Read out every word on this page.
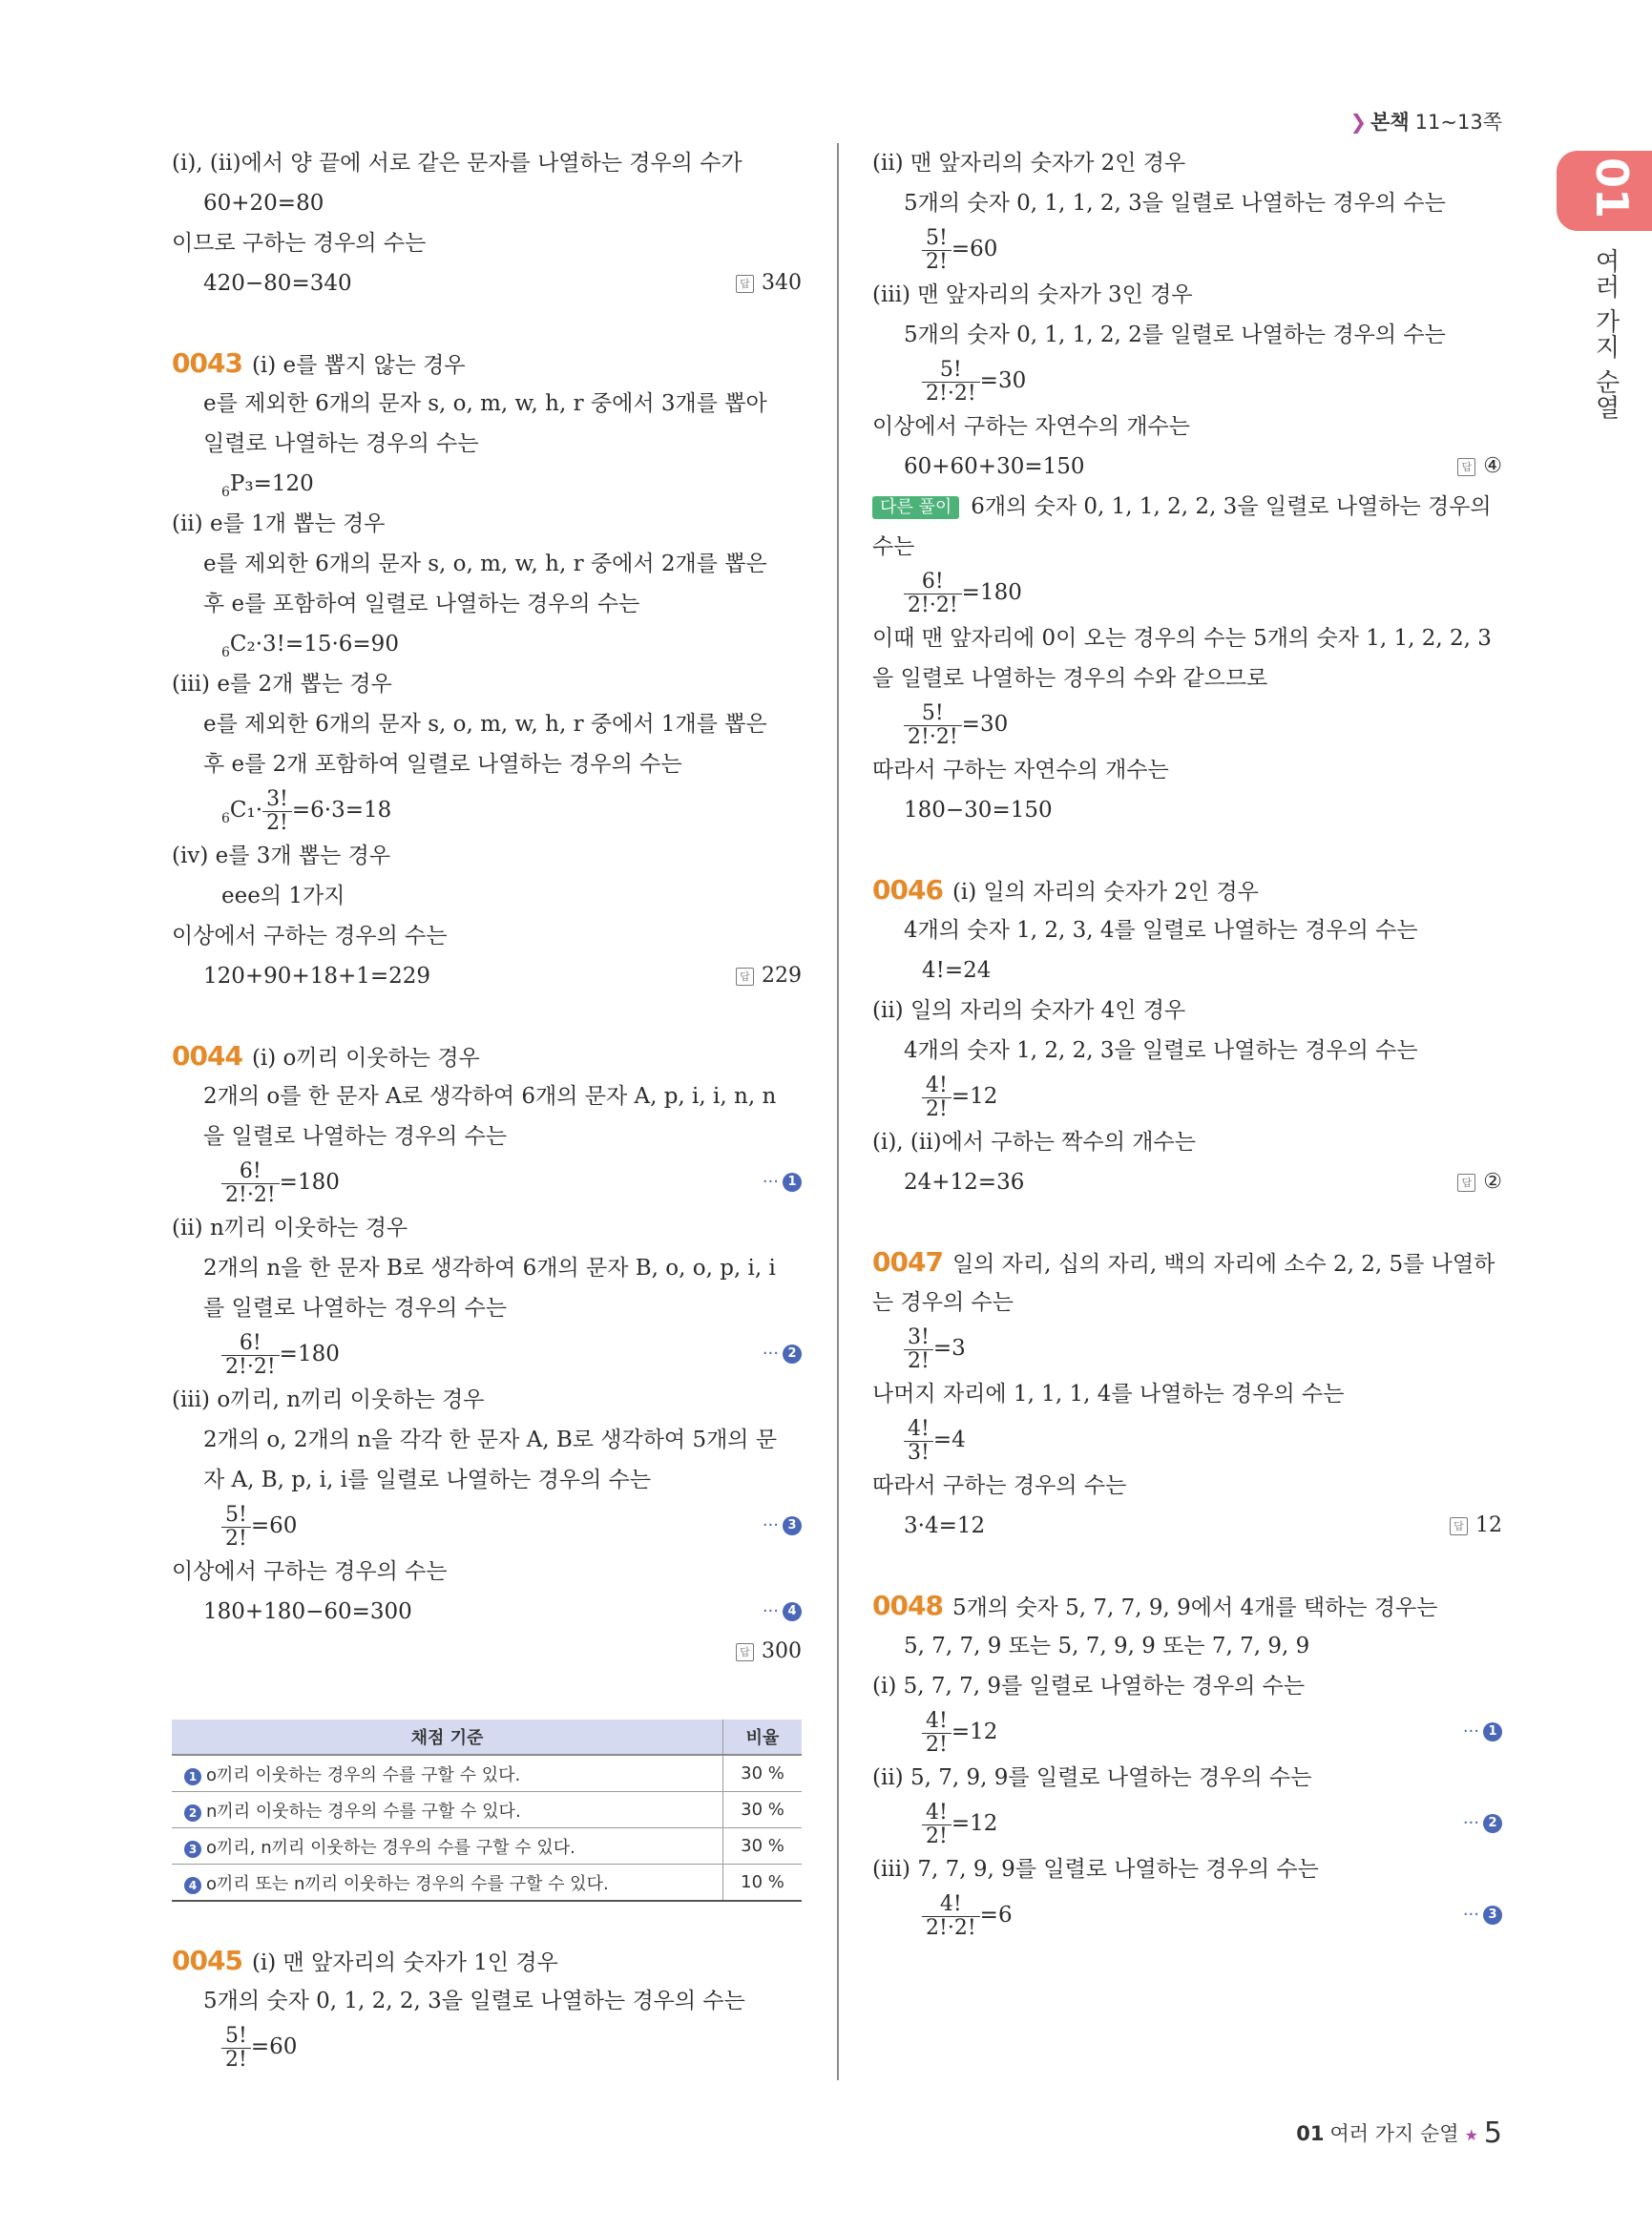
❯ 본책 11~13쪽
01
여러 가지 순열
(ⅰ), (ⅱ)에서 양 끝에 서로 같은 문자를 나열하는 경우의 수가
60+20=80
이므로 구하는 경우의 수는
420−80=340	답 340
0043 (ⅰ) e를 뽑지 않는 경우
e를 제외한 6개의 문자 s, o, m, w, h, r 중에서 3개를 뽑아
일렬로 나열하는 경우의 수는
$_6$P₃=120
(ⅱ) e를 1개 뽑는 경우
e를 제외한 6개의 문자 s, o, m, w, h, r 중에서 2개를 뽑은
후 e를 포함하여 일렬로 나열하는 경우의 수는
$_6$C₂·3!=15·6=90
(ⅲ) e를 2개 뽑는 경우
e를 제외한 6개의 문자 s, o, m, w, h, r 중에서 1개를 뽑은
후 e를 2개 포함하여 일렬로 나열하는 경우의 수는
$_6C_1\cdot \frac{3!}{2!} =6\cdot 3=18$
(ⅳ) e를 3개 뽑는 경우
eee의 1가지
이상에서 구하는 경우의 수는
120+90+18+1=229	답 229
0044 (ⅰ) o끼리 이웃하는 경우
2개의 o를 한 문자 A로 생각하여 6개의 문자 A, p, i, i, n, n
을 일렬로 나열하는 경우의 수는
$\frac{6!}{2!\cdot 2!} =180$	··· 1
(ⅱ) n끼리 이웃하는 경우
2개의 n을 한 문자 B로 생각하여 6개의 문자 B, o, o, p, i, i
를 일렬로 나열하는 경우의 수는
$\frac{6!}{2!\cdot 2!} =180$	··· 2
(ⅲ) o끼리, n끼리 이웃하는 경우
2개의 o, 2개의 n을 각각 한 문자 A, B로 생각하여 5개의 문
자 A, B, p, i, i를 일렬로 나열하는 경우의 수는
$\frac{5!}{2!} =60$	··· 3
이상에서 구하는 경우의 수는
180+180−60=300	··· 4
답 300
채점 기준	비율
1 o끼리 이웃하는 경우의 수를 구할 수 있다.	30 %
2 n끼리 이웃하는 경우의 수를 구할 수 있다.	30 %
3 o끼리, n끼리 이웃하는 경우의 수를 구할 수 있다.	30 %
4 o끼리 또는 n끼리 이웃하는 경우의 수를 구할 수 있다.	10 %
0045 (ⅰ) 맨 앞자리의 숫자가 1인 경우
5개의 숫자 0, 1, 2, 2, 3을 일렬로 나열하는 경우의 수는
$\frac{5!}{2!} =60$
(ⅱ) 맨 앞자리의 숫자가 2인 경우
5개의 숫자 0, 1, 1, 2, 3을 일렬로 나열하는 경우의 수는
$\frac{5!}{2!} =60$
(ⅲ) 맨 앞자리의 숫자가 3인 경우
5개의 숫자 0, 1, 1, 2, 2를 일렬로 나열하는 경우의 수는
$\frac{5!}{2!\cdot 2!} =30$
이상에서 구하는 자연수의 개수는
60+60+30=150	답 ④
다른 풀이 6개의 숫자 0, 1, 1, 2, 2, 3을 일렬로 나열하는 경우의
수는
$\frac{6!}{2!\cdot 2!} =180$
이때 맨 앞자리에 0이 오는 경우의 수는 5개의 숫자 1, 1, 2, 2, 3
을 일렬로 나열하는 경우의 수와 같으므로
$\frac{5!}{2!\cdot 2!} =30$
따라서 구하는 자연수의 개수는
180−30=150
0046 (ⅰ) 일의 자리의 숫자가 2인 경우
4개의 숫자 1, 2, 3, 4를 일렬로 나열하는 경우의 수는
4!=24
(ⅱ) 일의 자리의 숫자가 4인 경우
4개의 숫자 1, 2, 2, 3을 일렬로 나열하는 경우의 수는
$\frac{4!}{2!} =12$
(ⅰ), (ⅱ)에서 구하는 짝수의 개수는
24+12=36	답 ②
0047 일의 자리, 십의 자리, 백의 자리에 소수 2, 2, 5를 나열하
는 경우의 수는
$\frac{3!}{2!} =3$
나머지 자리에 1, 1, 1, 4를 나열하는 경우의 수는
$\frac{4!}{3!} =4$
따라서 구하는 경우의 수는
3·4=12	답 12
0048 5개의 숫자 5, 7, 7, 9, 9에서 4개를 택하는 경우는
5, 7, 7, 9 또는 5, 7, 9, 9 또는 7, 7, 9, 9
(ⅰ) 5, 7, 7, 9를 일렬로 나열하는 경우의 수는
$\frac{4!}{2!} =12$	··· 1
(ⅱ) 5, 7, 9, 9를 일렬로 나열하는 경우의 수는
$\frac{4!}{2!} =12$	··· 2
(ⅲ) 7, 7, 9, 9를 일렬로 나열하는 경우의 수는
$\frac{4!}{2!\cdot 2!} =6$	··· 3
01 여러 가지 순열 ★ 5
